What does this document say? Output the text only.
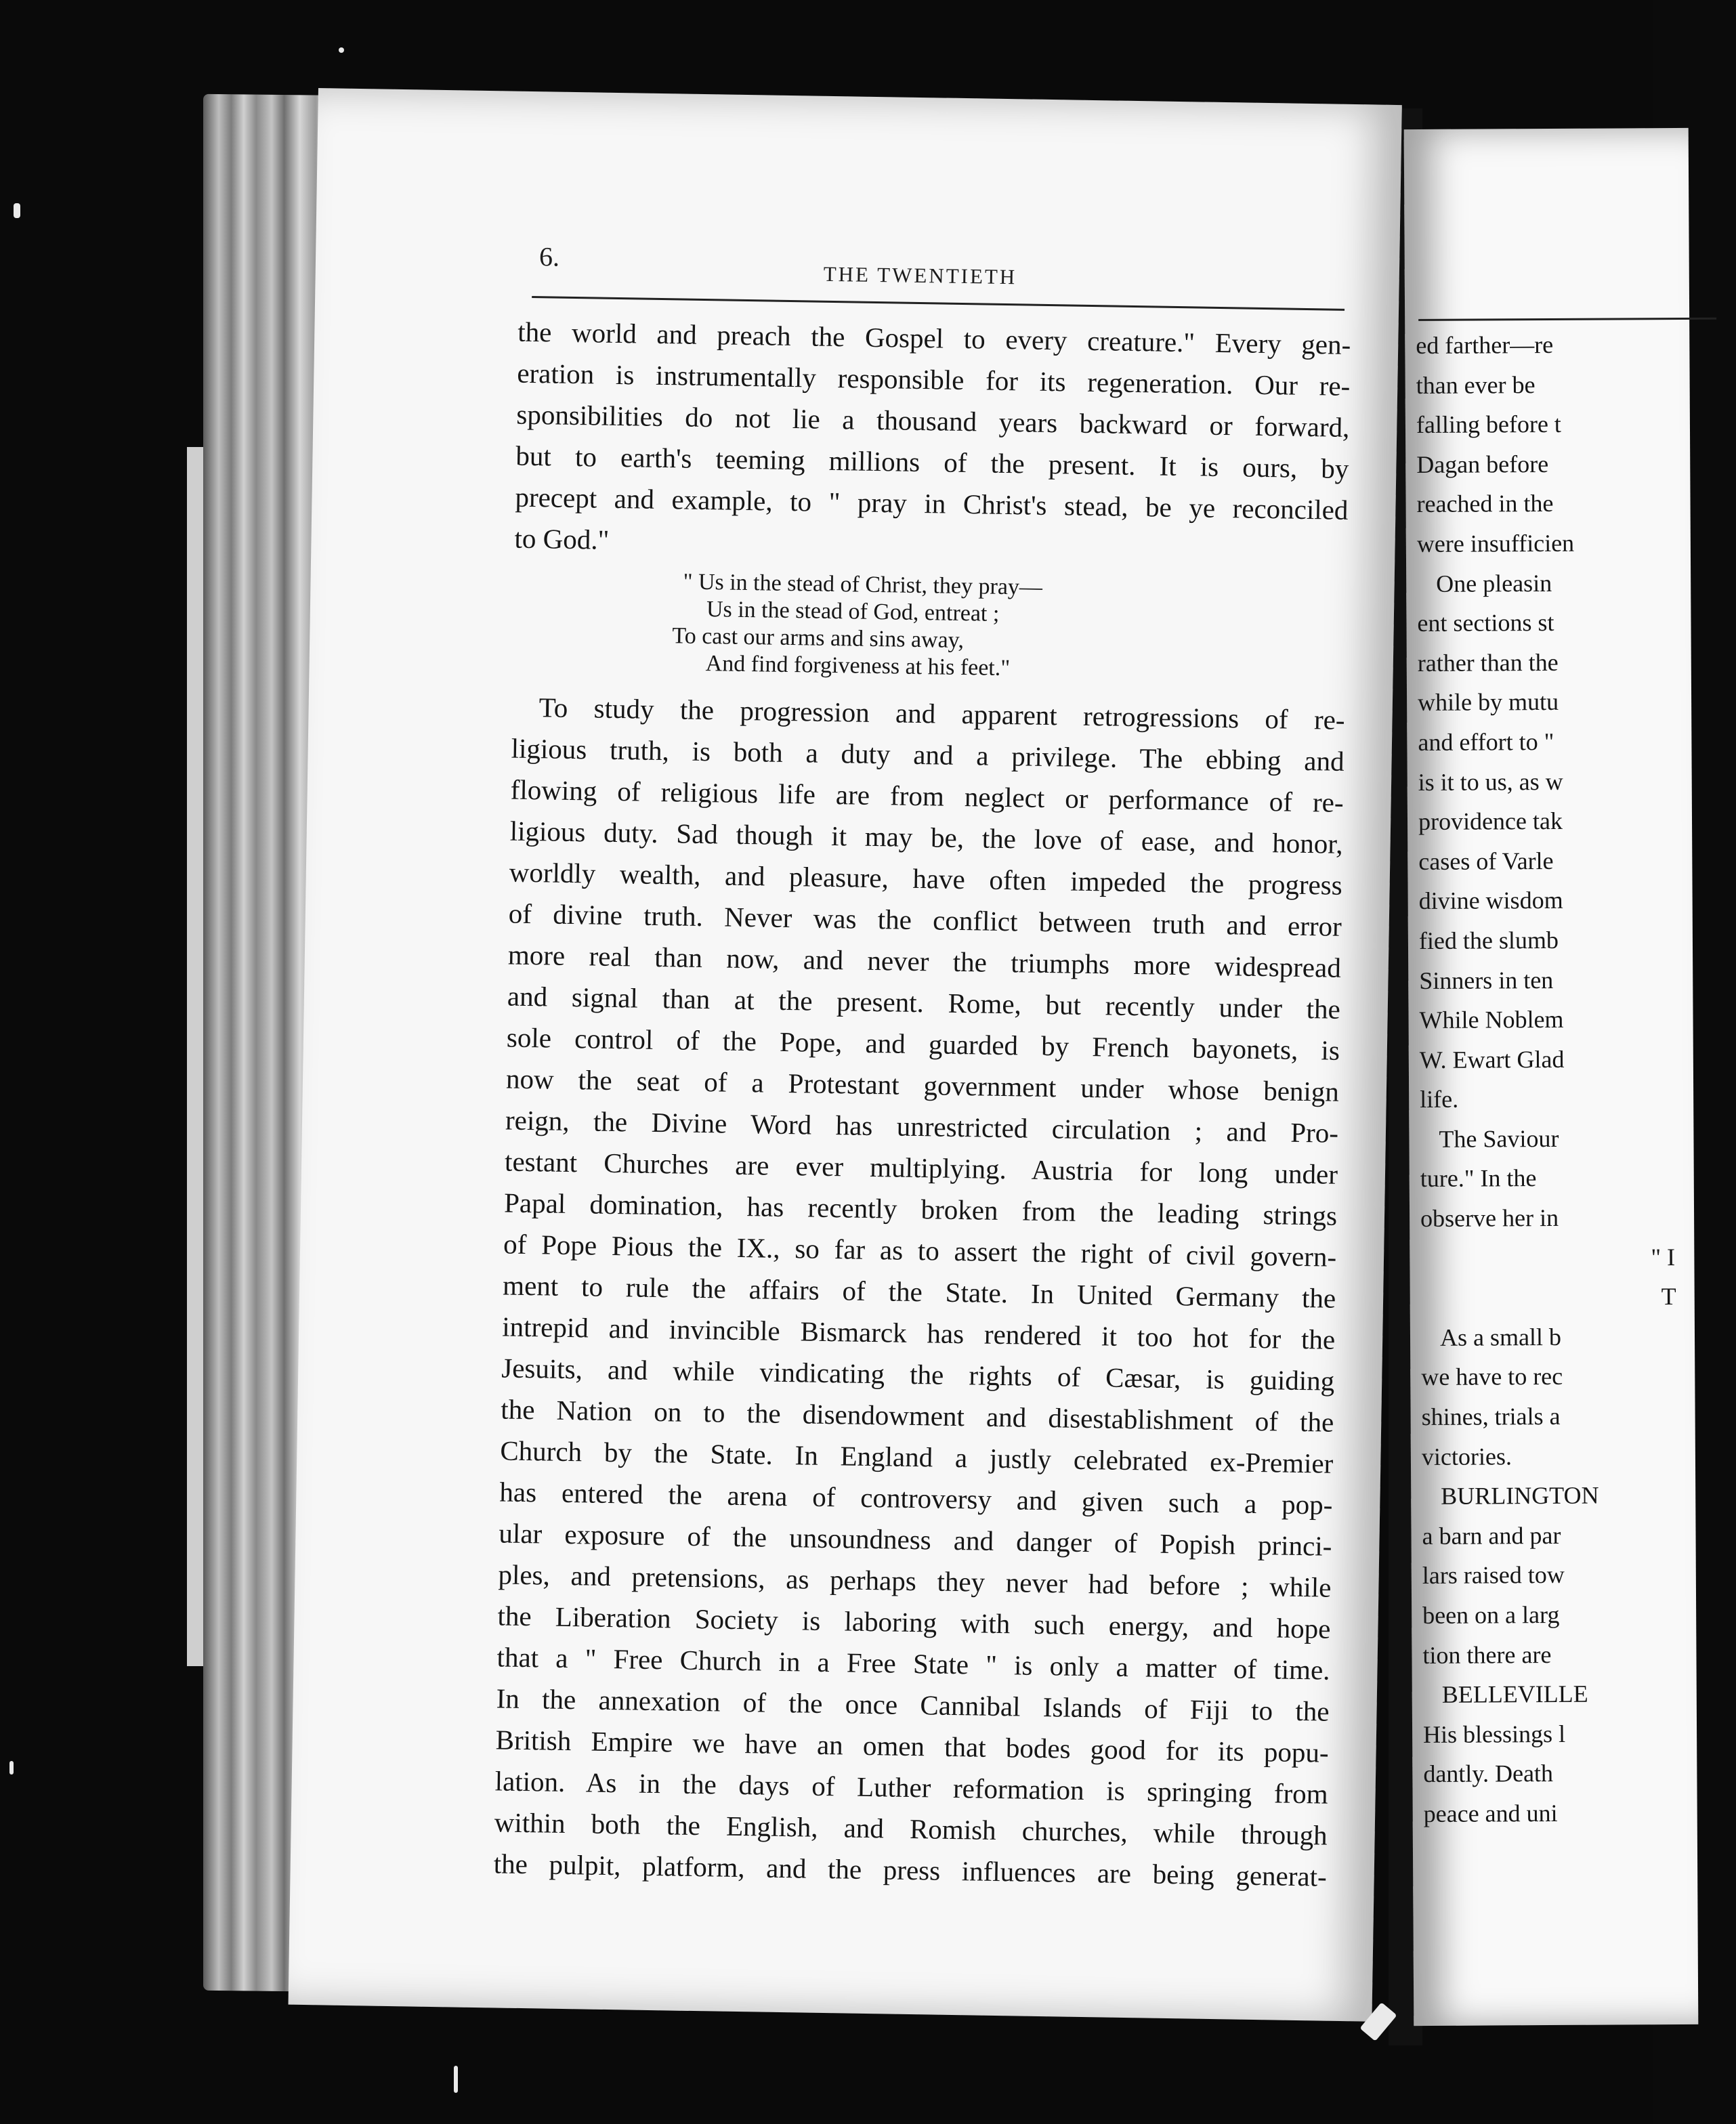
6.
THE TWENTIETH
the world and preach the Gospel to every creature." Every gen-
eration is instrumentally responsible for its regeneration. Our re-
sponsibilities do not lie a thousand years backward or forward,
but to earth's teeming millions of the present. It is ours, by
precept and example, to " pray in Christ's stead, be ye reconciled
to God."
" Us in the stead of Christ, they pray—
Us in the stead of God, entreat ;
To cast our arms and sins away,
And find forgiveness at his feet."
To study the progression and apparent retrogressions of re-
ligious truth, is both a duty and a privilege. The ebbing and
flowing of religious life are from neglect or performance of re-
ligious duty. Sad though it may be, the love of ease, and honor,
worldly wealth, and pleasure, have often impeded the progress
of divine truth. Never was the conflict between truth and error
more real than now, and never the triumphs more widespread
and signal than at the present. Rome, but recently under the
sole control of the Pope, and guarded by French bayonets, is
now the seat of a Protestant government under whose benign
reign, the Divine Word has unrestricted circulation ; and Pro-
testant Churches are ever multiplying. Austria for long under
Papal domination, has recently broken from the leading strings
of Pope Pious the IX., so far as to assert the right of civil govern-
ment to rule the affairs of the State. In United Germany the
intrepid and invincible Bismarck has rendered it too hot for the
Jesuits, and while vindicating the rights of Cæsar, is guiding
the Nation on to the disendowment and disestablishment of the
Church by the State. In England a justly celebrated ex-Premier
has entered the arena of controversy and given such a pop-
ular exposure of the unsoundness and danger of Popish princi-
ples, and pretensions, as perhaps they never had before ; while
the Liberation Society is laboring with such energy, and hope
that a " Free Church in a Free State " is only a matter of time.
In the annexation of the once Cannibal Islands of Fiji to the
British Empire we have an omen that bodes good for its popu-
lation. As in the days of Luther reformation is springing from
within both the English, and Romish churches, while through
the pulpit, platform, and the press influences are being generat-
ed farther—re
than ever be
falling before t
Dagan before
reached in the
were insufficien
One pleasin
ent sections st
rather than the
while by mutu
and effort to "
is it to us, as w
providence tak
cases of Varle
divine wisdom
fied the slumb
Sinners in ten
While Noblem
W. Ewart Glad
life.
The Saviour
ture." In the
observe her in
" I
T
As a small b
we have to rec
shines, trials a
victories.
BURLINGTON
a barn and par
lars raised tow
been on a larg
tion there are
BELLEVILLE
His blessings l
dantly. Death
peace and uni
